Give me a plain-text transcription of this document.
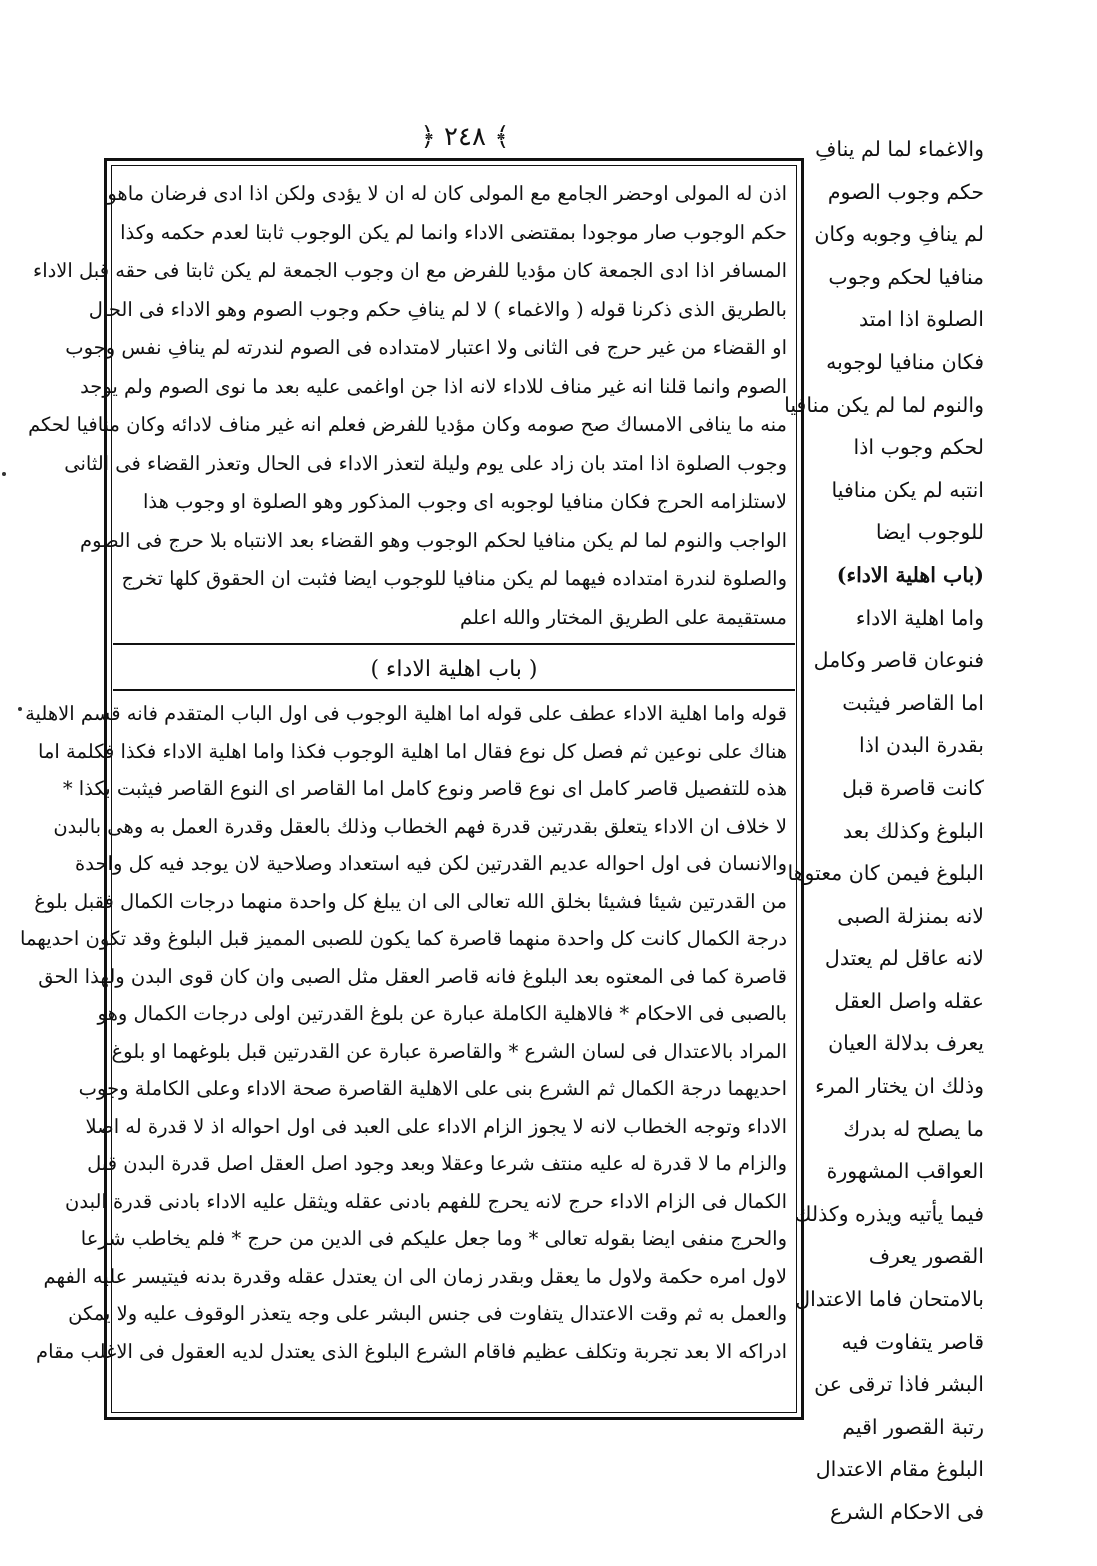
﴿ ٢٤٨ ﴾
اذن له المولى اوحضر الجامع مع المولى كان له ان لا يؤدى ولكن اذا ادى فرضان ماهو
حكم الوجوب صار موجودا بمقتضى الاداء وانما لم يكن الوجوب ثابتا لعدم حكمه وكذا
المسافر اذا ادى الجمعة كان مؤديا للفرض مع ان وجوب الجمعة لم يكن ثابتا فى حقه قبل الاداء
بالطريق الذى ذكرنا قوله ( والاغماء ) لا لم ينافِ حكم وجوب الصوم وهو الاداء فى الحال
او القضاء من غير حرج فى الثانى ولا اعتبار لامتداده فى الصوم لندرته لم ينافِ نفس وجوب
الصوم وانما قلنا انه غير مناف للاداء لانه اذا جن اواغمى عليه بعد ما نوى الصوم ولم يوجد
منه ما ينافى الامساك صح صومه وكان مؤديا للفرض فعلم انه غير مناف لادائه وكان منافيا لحكم
وجوب الصلوة اذا امتد بان زاد على يوم وليلة لتعذر الاداء فى الحال وتعذر القضاء فى الثانى
لاستلزامه الحرج فكان منافيا لوجوبه اى وجوب المذكور وهو الصلوة او وجوب هذا
الواجب والنوم لما لم يكن منافيا لحكم الوجوب وهو القضاء بعد الانتباه بلا حرج فى الصوم
والصلوة لندرة امتداده فيهما لم يكن منافيا للوجوب ايضا فثبت ان الحقوق كلها تخرج
مستقيمة على الطريق المختار والله اعلم
( باب اهلية الاداء )
قوله واما اهلية الاداء عطف على قوله اما اهلية الوجوب فى اول الباب المتقدم فانه قسم الاهلية
هناك على نوعين ثم فصل كل نوع فقال اما اهلية الوجوب فكذا واما اهلية الاداء فكذا فكلمة اما
هذه للتفصيل قاصر كامل اى نوع قاصر ونوع كامل اما القاصر اى النوع القاصر فيثبت بكذا *
لا خلاف ان الاداء يتعلق بقدرتين قدرة فهم الخطاب وذلك بالعقل وقدرة العمل به وهى بالبدن
والانسان فى اول احواله عديم القدرتين لكن فيه استعداد وصلاحية لان يوجد فيه كل واحدة
من القدرتين شيئا فشيئا بخلق الله تعالى الى ان يبلغ كل واحدة منهما درجات الكمال فقبل بلوغ
درجة الكمال كانت كل واحدة منهما قاصرة كما يكون للصبى المميز قبل البلوغ وقد تكون احديهما
قاصرة كما فى المعتوه بعد البلوغ فانه قاصر العقل مثل الصبى وان كان قوى البدن ولهذا الحق
بالصبى فى الاحكام * فالاهلية الكاملة عبارة عن بلوغ القدرتين اولى درجات الكمال وهو
المراد بالاعتدال فى لسان الشرع * والقاصرة عبارة عن القدرتين قبل بلوغهما او بلوغ
احديهما درجة الكمال ثم الشرع بنى على الاهلية القاصرة صحة الاداء وعلى الكاملة وجوب
الاداء وتوجه الخطاب لانه لا يجوز الزام الاداء على العبد فى اول احواله اذ لا قدرة له اصلا
والزام ما لا قدرة له عليه منتف شرعا وعقلا وبعد وجود اصل العقل اصل قدرة البدن قبل
الكمال فى الزام الاداء حرج لانه يحرج للفهم بادنى عقله ويثقل عليه الاداء بادنى قدرة البدن
والحرج منفى ايضا بقوله تعالى * وما جعل عليكم فى الدين من حرج * فلم يخاطب شرعا
لاول امره حكمة ولاول ما يعقل وبقدر زمان الى ان يعتدل عقله وقدرة بدنه فيتيسر عليه الفهم
والعمل به ثم وقت الاعتدال يتفاوت فى جنس البشر على وجه يتعذر الوقوف عليه ولا يمكن
ادراكه الا بعد تجربة وتكلف عظيم فاقام الشرع البلوغ الذى يعتدل لديه العقول فى الاغلب مقام
والاغماء لما لم ينافِ
حكم وجوب الصوم
لم ينافِ وجوبه وكان
منافيا لحكم وجوب
الصلوة اذا امتد
فكان منافيا لوجوبه
والنوم لما لم يكن منافيا
لحكم وجوب اذا
انتبه لم يكن منافيا
للوجوب ايضا
(باب اهلية الاداء)
واما اهلية الاداء
فنوعان قاصر وكامل
اما القاصر فيثبت
بقدرة البدن اذا
كانت قاصرة قبل
البلوغ وكذلك بعد
البلوغ فيمن كان معتوها
لانه بمنزلة الصبى
لانه عاقل لم يعتدل
عقله واصل العقل
يعرف بدلالة العيان
وذلك ان يختار المرء
ما يصلح له بدرك
العواقب المشهورة
فيما يأتيه ويذره وكذلك
القصور يعرف
بالامتحان فاما الاعتدال
قاصر يتفاوت فيه
البشر فاذا ترقى عن
رتبة القصور اقيم
البلوغ مقام الاعتدال
فى الاحكام الشرع
